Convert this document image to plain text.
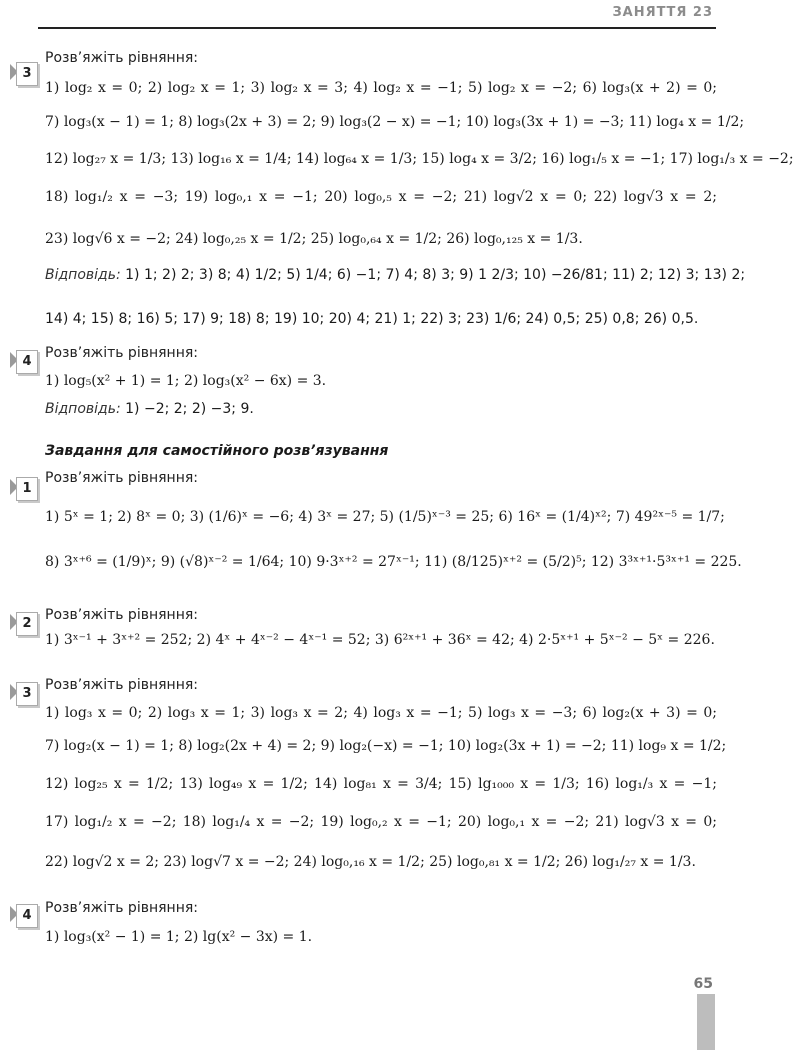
ЗАНЯТТЯ 23
3
Розв’яжіть рівняння:
1) log₂ x = 0; 2) log₂ x = 1; 3) log₂ x = 3; 4) log₂ x = −1; 5) log₂ x = −2; 6) log₃(x + 2) = 0;
7) log₃(x − 1) = 1; 8) log₃(2x + 3) = 2; 9) log₃(2 − x) = −1; 10) log₃(3x + 1) = −3; 11) log₄ x = 1/2;
12) log₂₇ x = 1/3; 13) log₁₆ x = 1/4; 14) log₆₄ x = 1/3; 15) log₄ x = 3/2; 16) log₁/₅ x = −1; 17) log₁/₃ x = −2;
18) log₁/₂ x = −3; 19) log₀,₁ x = −1; 20) log₀,₅ x = −2; 21) log√2 x = 0; 22) log√3 x = 2;
23) log√6 x = −2; 24) log₀,₂₅ x = 1/2; 25) log₀,₆₄ x = 1/2; 26) log₀,₁₂₅ x = 1/3.
Відповідь: 1) 1; 2) 2; 3) 8; 4) 1/2; 5) 1/4; 6) −1; 7) 4; 8) 3; 9) 1 2/3; 10) −26/81; 11) 2; 12) 3; 13) 2;
14) 4; 15) 8; 16) 5; 17) 9; 18) 8; 19) 10; 20) 4; 21) 1; 22) 3; 23) 1/6; 24) 0,5; 25) 0,8; 26) 0,5.
4
Розв’яжіть рівняння:
1) log₅(x² + 1) = 1; 2) log₃(x² − 6x) = 3.
Відповідь: 1) −2; 2; 2) −3; 9.
Завдання для самостійного розв’язування
1
Розв’яжіть рівняння:
1) 5ˣ = 1; 2) 8ˣ = 0; 3) (1/6)ˣ = −6; 4) 3ˣ = 27; 5) (1/5)ˣ⁻³ = 25; 6) 16ˣ = (1/4)ˣ²; 7) 49²ˣ⁻⁵ = 1/7;
8) 3ˣ⁺⁶ = (1/9)ˣ; 9) (√8)ˣ⁻² = 1/64; 10) 9·3ˣ⁺² = 27ˣ⁻¹; 11) (8/125)ˣ⁺² = (5/2)⁵; 12) 3³ˣ⁺¹·5³ˣ⁺¹ = 225.
2
Розв’яжіть рівняння:
1) 3ˣ⁻¹ + 3ˣ⁺² = 252; 2) 4ˣ + 4ˣ⁻² − 4ˣ⁻¹ = 52; 3) 6²ˣ⁺¹ + 36ˣ = 42; 4) 2·5ˣ⁺¹ + 5ˣ⁻² − 5ˣ = 226.
3
Розв’яжіть рівняння:
1) log₃ x = 0; 2) log₃ x = 1; 3) log₃ x = 2; 4) log₃ x = −1; 5) log₃ x = −3; 6) log₂(x + 3) = 0;
7) log₂(x − 1) = 1; 8) log₂(2x + 4) = 2; 9) log₂(−x) = −1; 10) log₂(3x + 1) = −2; 11) log₉ x = 1/2;
12) log₂₅ x = 1/2; 13) log₄₉ x = 1/2; 14) log₈₁ x = 3/4; 15) lg₁₀₀₀ x = 1/3; 16) log₁/₃ x = −1;
17) log₁/₂ x = −2; 18) log₁/₄ x = −2; 19) log₀,₂ x = −1; 20) log₀,₁ x = −2; 21) log√3 x = 0;
22) log√2 x = 2; 23) log√7 x = −2; 24) log₀,₁₆ x = 1/2; 25) log₀,₈₁ x = 1/2; 26) log₁/₂₇ x = 1/3.
4 Розв’яжіть рівняння:
1) log₃(x² − 1) = 1; 2) lg(x² − 3x) = 1.
65
